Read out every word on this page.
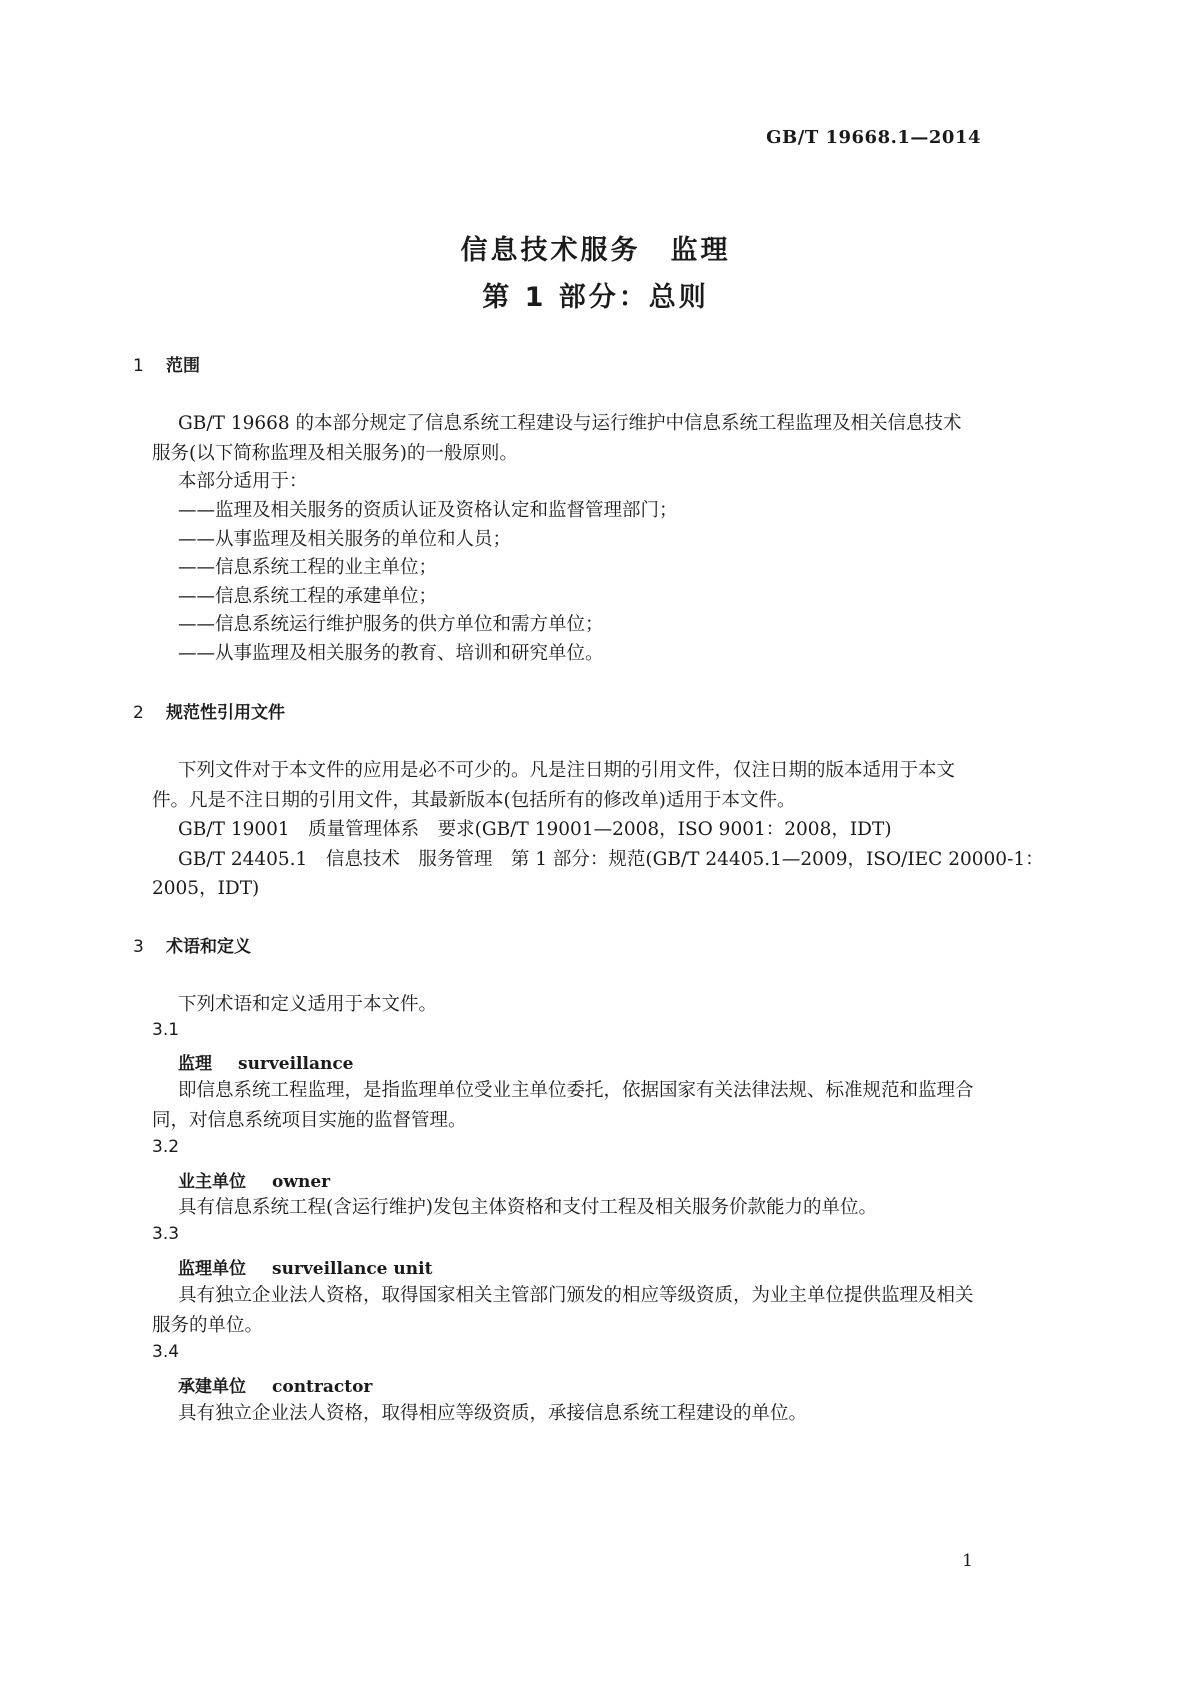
GB/T 19668.1—2014
信息技术服务　监理
第 1 部分：总则
1 范围
GB/T 19668 的本部分规定了信息系统工程建设与运行维护中信息系统工程监理及相关信息技术
服务(以下简称监理及相关服务)的一般原则。
本部分适用于：
——监理及相关服务的资质认证及资格认定和监督管理部门；
——从事监理及相关服务的单位和人员；
——信息系统工程的业主单位；
——信息系统工程的承建单位；
——信息系统运行维护服务的供方单位和需方单位；
——从事监理及相关服务的教育、培训和研究单位。
2 规范性引用文件
下列文件对于本文件的应用是必不可少的。凡是注日期的引用文件，仅注日期的版本适用于本文
件。凡是不注日期的引用文件，其最新版本(包括所有的修改单)适用于本文件。
GB/T 19001　质量管理体系　要求(GB/T 19001—2008，ISO 9001：2008，IDT)
GB/T 24405.1　信息技术　服务管理　第 1 部分：规范(GB/T 24405.1—2009，ISO/IEC 20000-1：
2005，IDT)
3 术语和定义
下列术语和定义适用于本文件。
3.1
监理 surveillance
即信息系统工程监理，是指监理单位受业主单位委托，依据国家有关法律法规、标准规范和监理合
同，对信息系统项目实施的监督管理。
3.2
业主单位 owner
具有信息系统工程(含运行维护)发包主体资格和支付工程及相关服务价款能力的单位。
3.3
监理单位 surveillance unit
具有独立企业法人资格，取得国家相关主管部门颁发的相应等级资质，为业主单位提供监理及相关
服务的单位。
3.4
承建单位 contractor
具有独立企业法人资格，取得相应等级资质，承接信息系统工程建设的单位。
1
